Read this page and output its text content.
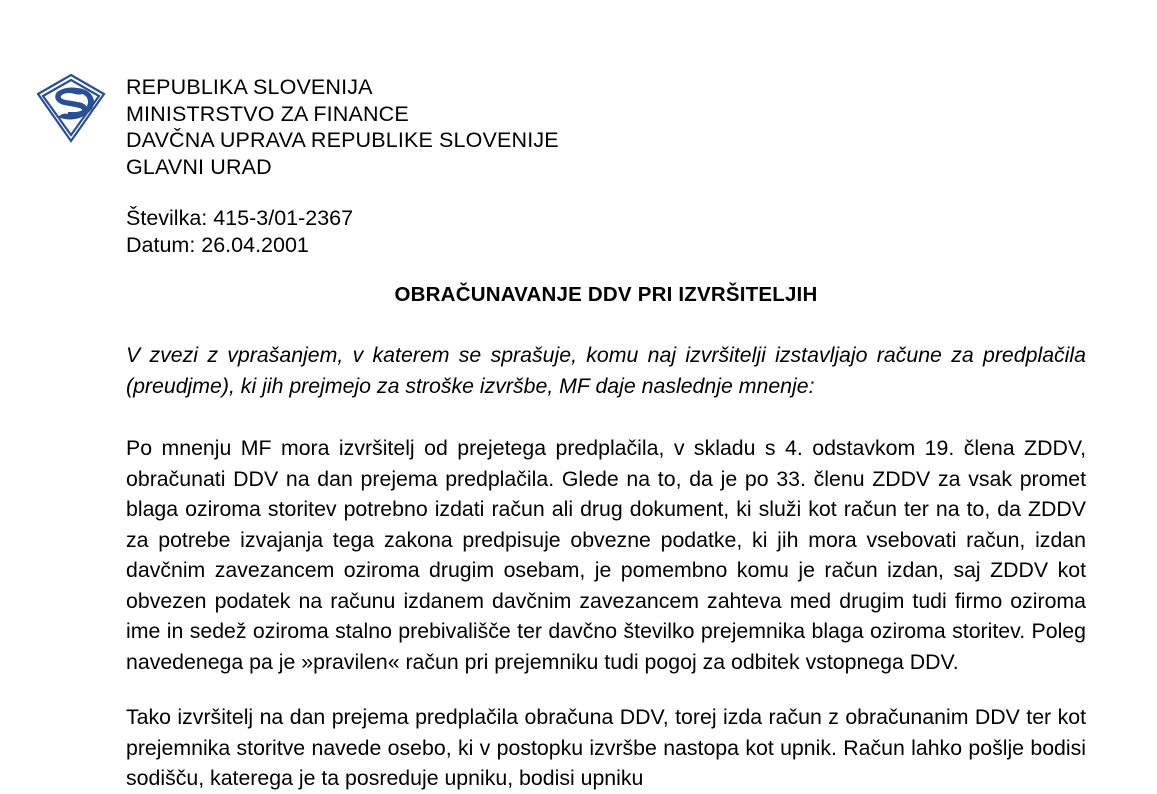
REPUBLIKA SLOVENIJA
MINISTRSTVO ZA FINANCE
DAVČNA UPRAVA REPUBLIKE SLOVENIJE
GLAVNI URAD
Številka: 415-3/01-2367
Datum: 26.04.2001
OBRAČUNAVANJE DDV PRI IZVRŠITELJIH

V zvezi z vprašanjem, v katerem se sprašuje, komu naj izvršitelji izstavljajo račune za predplačila (preudjme), ki jih prejmejo za stroške izvršbe, MF daje naslednje mnenje:

Po mnenju MF mora izvršitelj od prejetega predplačila, v skladu s 4. odstavkom 19. člena ZDDV, obračunati DDV na dan prejema predplačila. Glede na to, da je po 33. členu ZDDV za vsak promet blaga oziroma storitev potrebno izdati račun ali drug dokument, ki služi kot račun ter na to, da ZDDV za potrebe izvajanja tega zakona predpisuje obvezne podatke, ki jih mora vsebovati račun, izdan davčnim zavezancem oziroma drugim osebam, je pomembno komu je račun izdan, saj ZDDV kot obvezen podatek na računu izdanem davčnim zavezancem zahteva med drugim tudi firmo oziroma ime in sedež oziroma stalno prebivališče ter davčno številko prejemnika blaga oziroma storitev. Poleg navedenega pa je »pravilen« račun pri prejemniku tudi pogoj za odbitek vstopnega DDV.

Tako izvršitelj na dan prejema predplačila obračuna DDV, torej izda račun z obračunanim DDV ter kot prejemnika storitve navede osebo, ki v postopku izvršbe nastopa kot upnik. Račun lahko pošlje bodisi sodišču, katerega je ta posreduje upniku, bodisi upniku
